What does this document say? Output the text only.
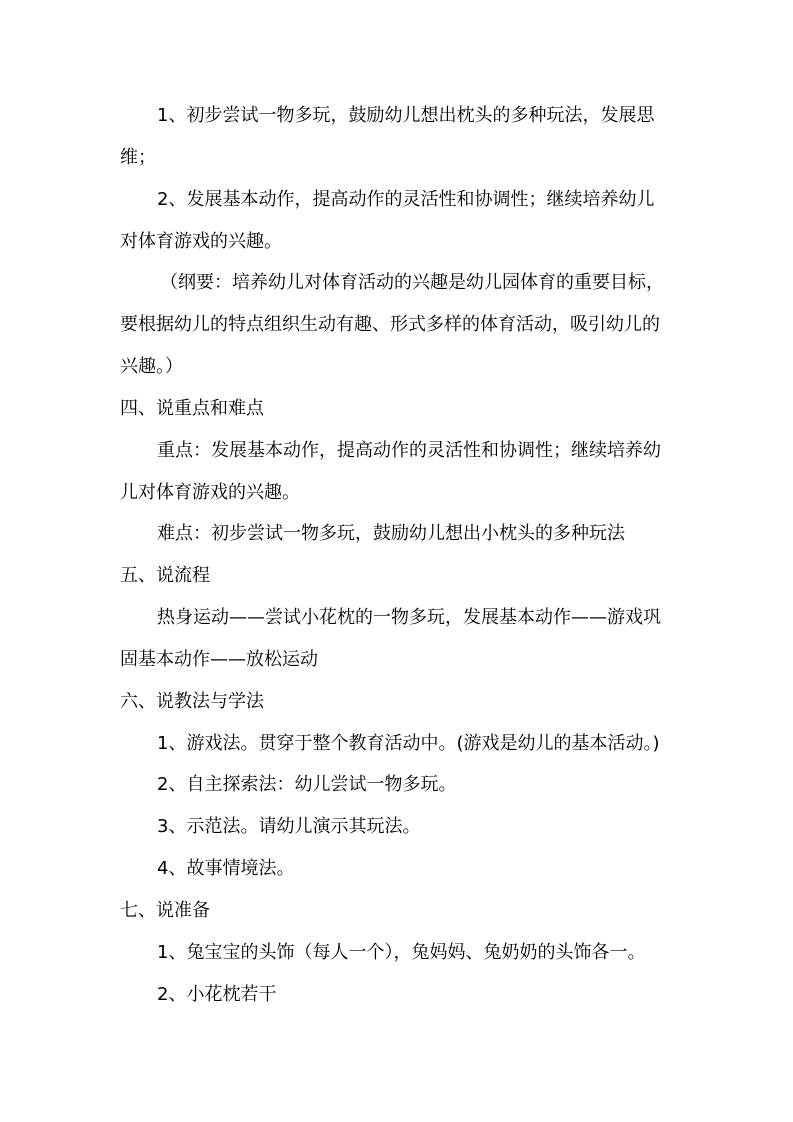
1、初步尝试一物多玩，鼓励幼儿想出枕头的多种玩法，发展思
维；
2、发展基本动作，提高动作的灵活性和协调性；继续培养幼儿
对体育游戏的兴趣。
（纲要：培养幼儿对体育活动的兴趣是幼儿园体育的重要目标，
要根据幼儿的特点组织生动有趣、形式多样的体育活动，吸引幼儿的
兴趣。）
四、说重点和难点
重点：发展基本动作，提高动作的灵活性和协调性；继续培养幼
儿对体育游戏的兴趣。
难点：初步尝试一物多玩，鼓励幼儿想出小枕头的多种玩法
五、说流程
热身运动——尝试小花枕的一物多玩，发展基本动作——游戏巩
固基本动作——放松运动
六、说教法与学法
1、游戏法。贯穿于整个教育活动中。(游戏是幼儿的基本活动。)
2、自主探索法：幼儿尝试一物多玩。
3、示范法。请幼儿演示其玩法。
4、故事情境法。
七、说准备
1、兔宝宝的头饰（每人一个），兔妈妈、兔奶奶的头饰各一。
2、小花枕若干
